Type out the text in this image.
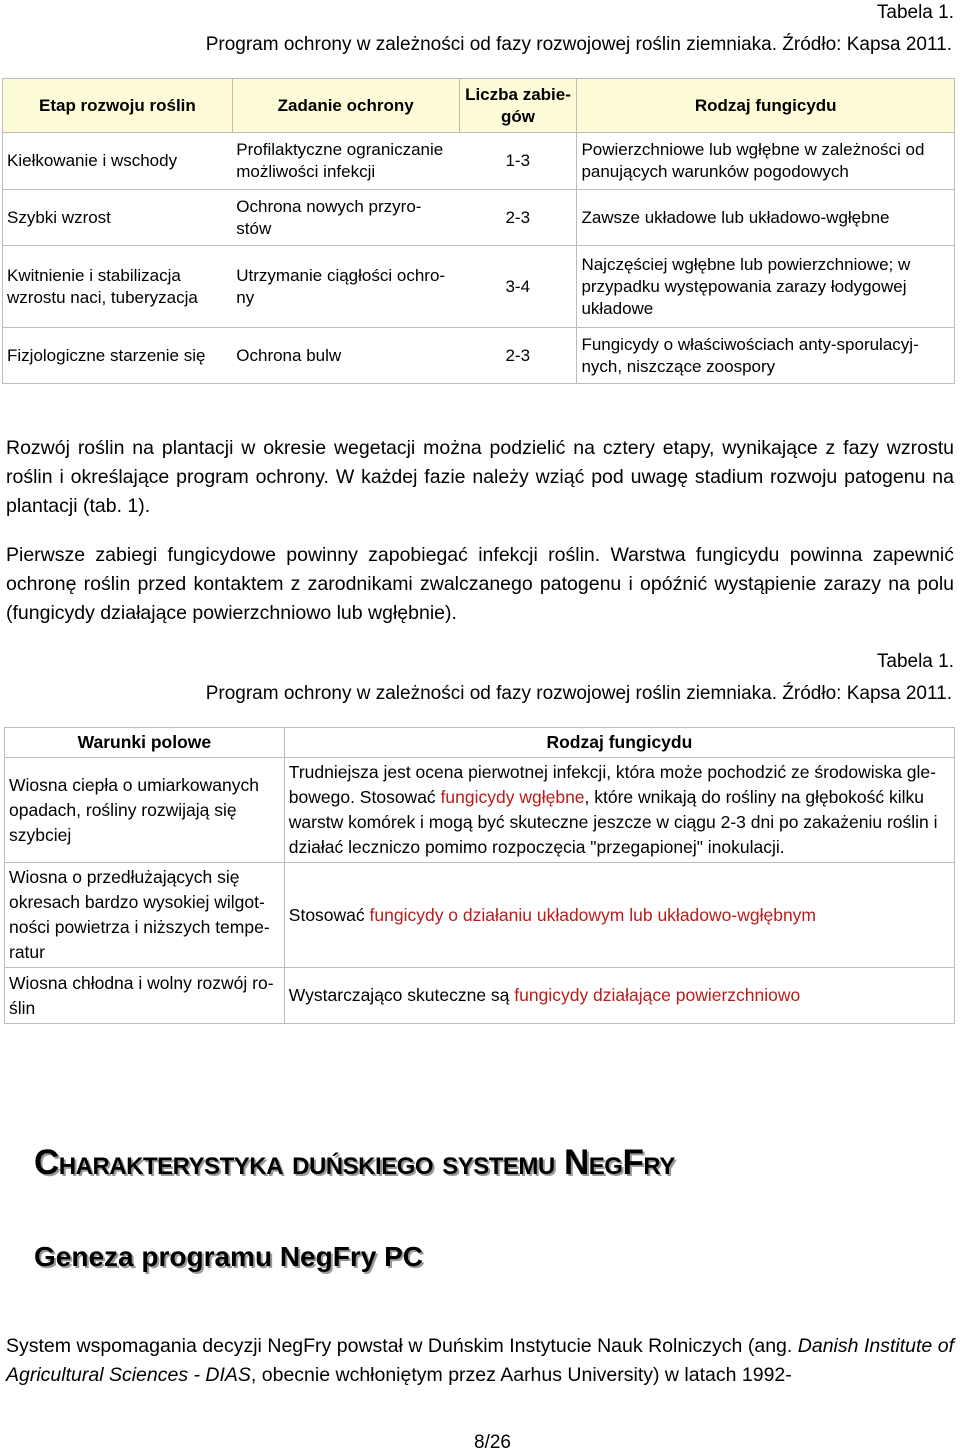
Tabela 1.
Program ochrony w zależności od fazy rozwojowej roślin ziemniaka. Źródło: Kapsa 2011.
Etap rozwoju roślin	Zadanie ochrony	Liczba zabie-gów	Rodzaj fungicydu
Kiełkowanie i wschody	Profilaktyczne ograniczanie możliwości infekcji	1-3	Powierzchniowe lub wgłębne w zależności od panujących warunków pogodowych
Szybki wzrost	Ochrona nowych przyro-stów	2-3	Zawsze układowe lub układowo-wgłębne
Kwitnienie i stabilizacja wzrostu naci, tuberyzacja	Utrzymanie ciągłości ochro-ny	3-4	Najczęściej wgłębne lub powierzchniowe; w przypadku występowania zarazy łodygowej układowe
Fizjologiczne starzenie się	Ochrona bulw	2-3	Fungicydy o właściwościach anty-sporulacyj-nych, niszczące zoospory
Rozwój roślin na plantacji w okresie wegetacji można podzielić na cztery etapy, wynikające z fazy wzrostu roślin i określające program ochrony. W każdej fazie należy wziąć pod uwagę stadium rozwoju patogenu na plantacji (tab. 1).
Pierwsze zabiegi fungicydowe powinny zapobiegać infekcji roślin. Warstwa fungicydu powinna zapewnić ochronę roślin przed kontaktem z zarodnikami zwalczanego patogenu i opóźnić wystąpienie zarazy na polu (fungicydy działające powierzchniowo lub wgłębnie).
Tabela 1.
Program ochrony w zależności od fazy rozwojowej roślin ziemniaka. Źródło: Kapsa 2011.
Warunki polowe	Rodzaj fungicydu
Wiosna ciepła o umiarkowanych opadach, rośliny rozwijają się szybciej	Trudniejsza jest ocena pierwotnej infekcji, która może pochodzić ze środowiska gle-bowego. Stosować fungicydy wgłębne, które wnikają do rośliny na głębokość kilku warstw komórek i mogą być skuteczne jeszcze w ciągu 2-3 dni po zakażeniu roślin i działać leczniczo pomimo rozpoczęcia "przegapionej" inokulacji.
Wiosna o przedłużających się okresach bardzo wysokiej wilgot-ności powietrza i niższych tempe-ratur	Stosować fungicydy o działaniu układowym lub układowo-wgłębnym
Wiosna chłodna i wolny rozwój ro-ślin	Wystarczająco skuteczne są fungicydy działające powierzchniowo
CHARAKTERYSTYKA DUŃSKIEGO SYSTEMU NEGFRY
Geneza programu NegFry PC
System wspomagania decyzji NegFry powstał w Duńskim Instytucie Nauk Rolniczych (ang. Danish Institute of Agricultural Sciences - DIAS, obecnie wchłoniętym przez Aarhus University) w latach 1992-
8/26
